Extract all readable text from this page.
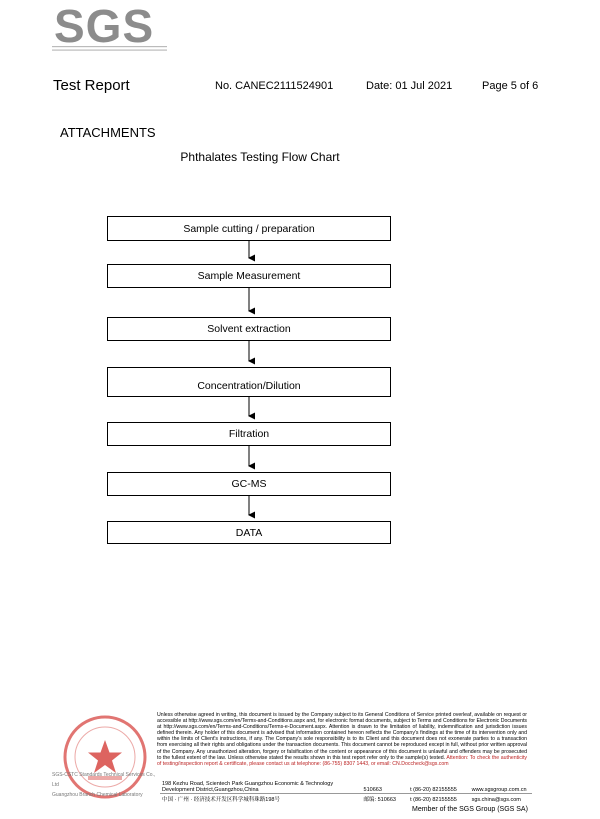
SGS
Test Report	No. CANEC2111524901	Date: 01 Jul 2021	Page 5 of 6
ATTACHMENTS
Phthalates Testing Flow Chart
Sample cutting / preparation
Sample Measurement
Solvent extraction
Concentration/Dilution
Filtration
GC-MS
DATA
Unless otherwise agreed in writing, this document is issued by the Company subject to its General Conditions of Service printed overleaf, available on request or accessible at http://www.sgs.com/en/Terms-and-Conditions.aspx and, for electronic format documents, subject to Terms and Conditions for Electronic Documents at http://www.sgs.com/en/Terms-and-Conditions/Terms-e-Document.aspx. Attention is drawn to the limitation of liability, indemnification and jurisdiction issues defined therein. Any holder of this document is advised that information contained hereon reflects the Company's findings at the time of its intervention only and within the limits of Client's instructions, if any. The Company's sole responsibility is to its Client and this document does not exonerate parties to a transaction from exercising all their rights and obligations under the transaction documents. This document cannot be reproduced except in full, without prior written approval of the Company. Any unauthorized alteration, forgery or falsification of the content or appearance of this document is unlawful and offenders may be prosecuted to the fullest extent of the law. Unless otherwise stated the results shown in this test report refer only to the sample(s) tested. Attention: To check the authenticity of testing/inspection report & certificate, please contact us at telephone: (86-755) 8307 1443, or email: CN.Doccheck@sgs.com
SGS-CSTC Standards Technical Services Co., Ltd
Guangzhou Branch Chemical Laboratory
198 Kezhu Road, Scientech Park Guangzhou Economic & Technology Development District,Guangzhou,China	510663	t (86-20) 82155555	www.sgsgroup.com.cn
中国 · 广州 · 经济技术开发区科学城科珠路198号	邮编: 510663	t (86-20) 82155555	sgs.china@sgs.com
Member of the SGS Group (SGS SA)
